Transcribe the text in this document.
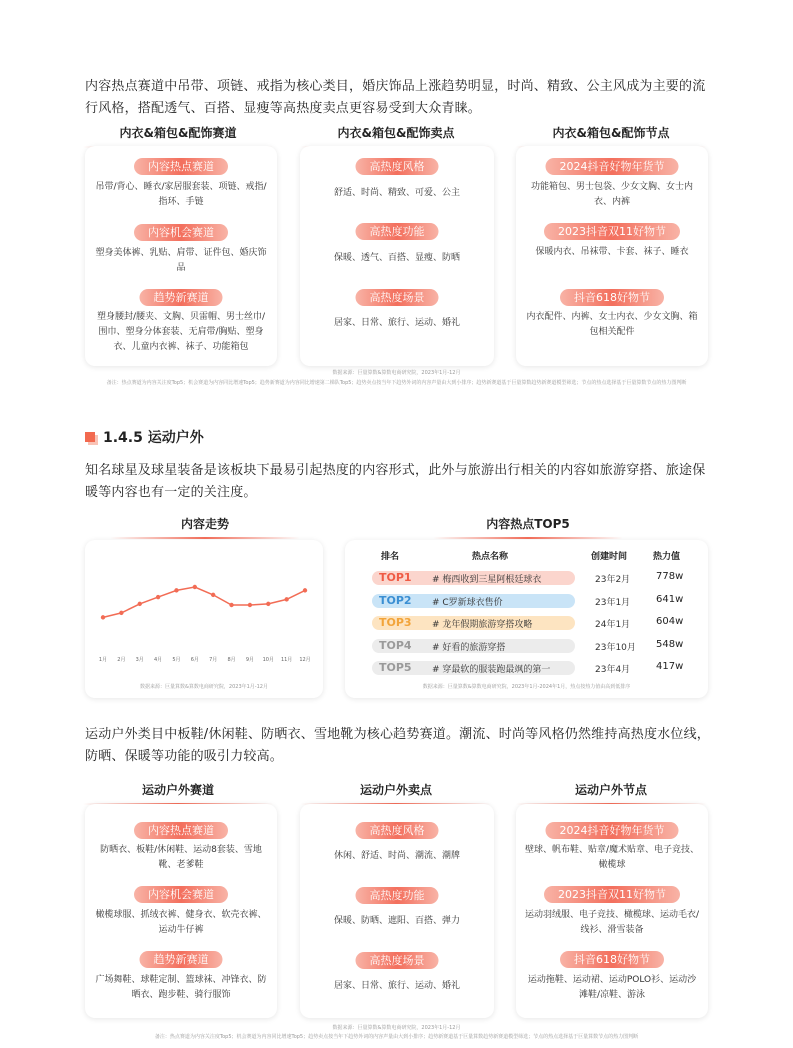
内容热点赛道中吊带、项链、戒指为核心类目，婚庆饰品上涨趋势明显，时尚、精致、公主风成为主要的流行风格，搭配透气、百搭、显瘦等高热度卖点更容易受到大众青睐。
内衣&箱包&配饰赛道	内衣&箱包&配饰卖点	内衣&箱包&配饰节点
内容热点赛道
吊带/背心、睡衣/家居服套装、项链、戒指/指环、手链
内容机会赛道
塑身美体裤、乳贴、肩带、证件包、婚庆饰品
趋势新赛道
塑身腰封/腰夹、文胸、贝雷帽、男士丝巾/围巾、塑身分体套装、无肩带/胸贴、塑身衣、儿童内衣裤、袜子、功能箱包
高热度风格
舒适、时尚、精致、可爱、公主
高热度功能
保暖、透气、百搭、显瘦、防晒
高热度场景
居家、日常、旅行、运动、婚礼
2024抖音好物年货节
功能箱包、男士包袋、少女文胸、女士内衣、内裤
2023抖音双11好物节
保暖内衣、吊袜带、卡套、袜子、睡衣
抖音618好物节
内衣配件、内裤、女士内衣、少女文胸、箱包相关配件
数据来源：巨量算数&算数电商研究院，2023年1月-12月
备注：热点赛道为内容关注度Top5；机会赛道为内容同比增速Top5；趋势新赛道为内容同比增速第二梯队Top5；趋势卖点按当年下趋势外词的内容声量由大到小排序；趋势新赛道基于巨量算数趋势新赛道模型筛选；节点的热点选择基于巨量算数节点的热力图判断
1.4.5 运动户外
知名球星及球星装备是该板块下最易引起热度的内容形式，此外与旅游出行相关的内容如旅游穿搭、旅途保暖等内容也有一定的关注度。
内容走势
1月 2月 3月 4月 5月 6月 7月 8月 9月 10月 11月 12月
数据来源：巨量算数&算数电商研究院，2023年1月-12月
内容热点TOP5
排名	热点名称	创建时间	热力值
TOP1 # 梅西收到三星阿根廷球衣	23年2月	778w
TOP2 # C罗新球衣售价	23年1月	641w
TOP3 # 龙年假期旅游穿搭攻略	24年1月	604w
TOP4 # 好看的旅游穿搭	23年10月 548w
TOP5 # 穿最软的服装跑最飒的第一	23年4月	417w
数据来源：巨量算数&算数电商研究院，2023年1月-2024年1月，热点按热力值由高到低排序
运动户外类目中板鞋/休闲鞋、防晒衣、雪地靴为核心趋势赛道。潮流、时尚等风格仍然维持高热度水位线，防晒、保暖等功能的吸引力较高。
运动户外赛道	运动户外卖点	运动户外节点
内容热点赛道
防晒衣、板鞋/休闲鞋、运动8套装、雪地靴、老爹鞋
内容机会赛道
橄榄球服、抓绒衣裤、健身衣、软壳衣裤、运动牛仔裤
趋势新赛道
广场舞鞋、球鞋定制、篮球袜、冲锋衣、防晒衣、跑步鞋、骑行服饰
高热度风格
休闲、舒适、时尚、潮流、潮牌
高热度功能
保暖、防晒、遮阳、百搭、弹力
高热度场景
居家、日常、旅行、运动、婚礼
2024抖音好物年货节
壁球、帆布鞋、贴章/魔术贴章、电子竞技、橄榄球
2023抖音双11好物节
运动羽绒服、电子竞技、橄榄球、运动毛衣/线衫、滑雪装备
抖音618好物节
运动拖鞋、运动裙、运动POLO衫、运动沙滩鞋/凉鞋、游泳
数据来源：巨量算数&算数电商研究院，2023年1月-12月
备注：热点赛道为内容关注度Top5；机会赛道为内容同比增速Top5；趋势卖点按当年下趋势外词的内容声量由大到小排序；趋势新赛道基于巨量算数趋势新赛道模型筛选；节点的热点选择基于巨量算数节点的热力图判断
